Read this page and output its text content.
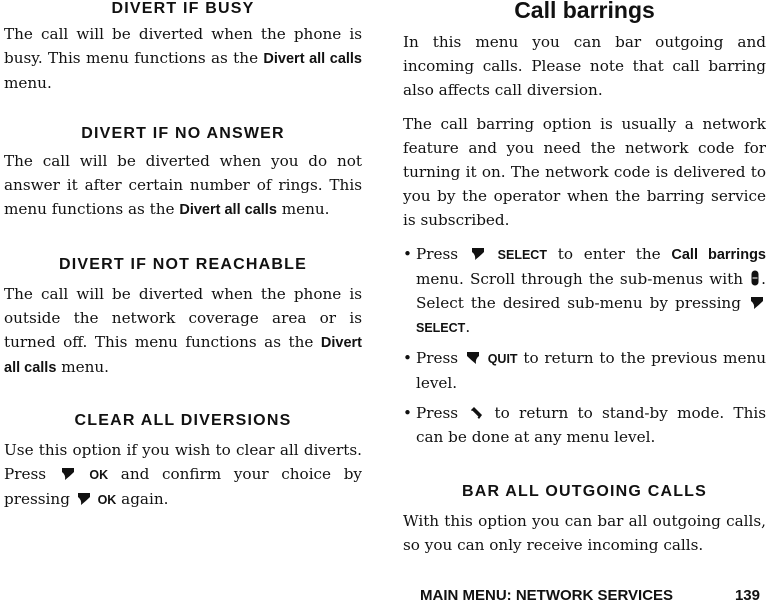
DIVERT IF BUSY

The call will be diverted when the phone is busy. This menu functions as the Divert all calls menu.

DIVERT IF NO ANSWER

The call will be diverted when you do not answer it after certain number of rings. This menu functions as the Divert all calls menu.

DIVERT IF NOT REACHABLE

The call will be diverted when the phone is outside the network coverage area or is turned off. This menu functions as the Divert all calls menu.

CLEAR ALL DIVERSIONS

Use this option if you wish to clear all diverts. Press  OK and confirm your choice by pressing  OK again.

Call barrings

In this menu you can bar outgoing and incoming calls. Please note that call barring also affects call diversion.

The call barring option is usually a network feature and you need the network code for turning it on. The network code is delivered to you by the operator when the barring service is subscribed.

• Press  SELECT to enter the Call barrings menu. Scroll through the sub-menus with . Select the desired sub-menu by pressing  SELECT.
• Press  QUIT to return to the previous menu level.
• Press  to return to stand-by mode. This can be done at any menu level.
BAR ALL OUTGOING CALLS

With this option you can bar all outgoing calls, so you can only receive incoming calls.

MAIN MENU: NETWORK SERVICES	139
